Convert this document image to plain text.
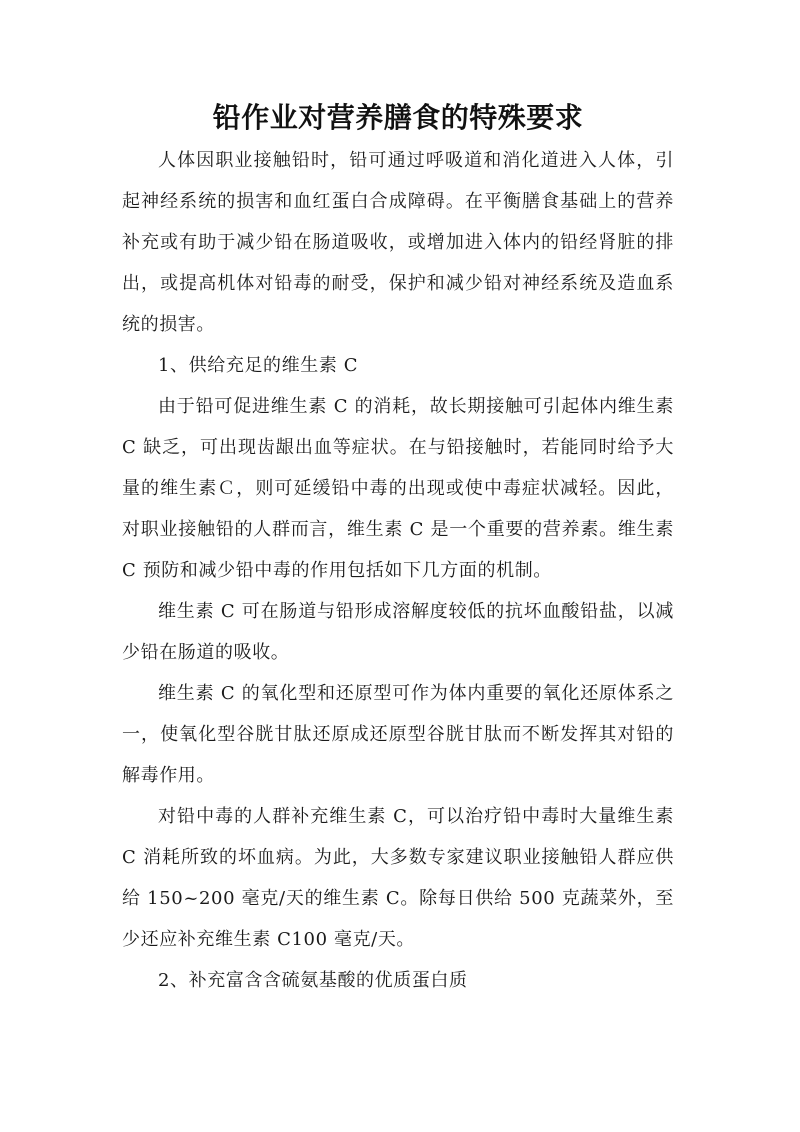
铅作业对营养膳食的特殊要求

人体因职业接触铅时，铅可通过呼吸道和消化道进入人体，引起神经系统的损害和血红蛋白合成障碍。在平衡膳食基础上的营养补充或有助于减少铅在肠道吸收，或增加进入体内的铅经肾脏的排出，或提高机体对铅毒的耐受，保护和减少铅对神经系统及造血系统的损害。

1、供给充足的维生素 C

由于铅可促进维生素 C 的消耗，故长期接触可引起体内维生素 C 缺乏，可出现齿龈出血等症状。在与铅接触时，若能同时给予大量的维生素Ｃ，则可延缓铅中毒的出现或使中毒症状减轻。因此，对职业接触铅的人群而言，维生素 C 是一个重要的营养素。维生素 C 预防和减少铅中毒的作用包括如下几方面的机制。

维生素 C 可在肠道与铅形成溶解度较低的抗坏血酸铅盐，以减少铅在肠道的吸收。

维生素 C 的氧化型和还原型可作为体内重要的氧化还原体系之一，使氧化型谷胱甘肽还原成还原型谷胱甘肽而不断发挥其对铅的解毒作用。

对铅中毒的人群补充维生素 C，可以治疗铅中毒时大量维生素 C 消耗所致的坏血病。为此，大多数专家建议职业接触铅人群应供给 150~200 毫克/天的维生素 C。除每日供给 500 克蔬菜外，至少还应补充维生素 C100 毫克/天。

2、补充富含含硫氨基酸的优质蛋白质
